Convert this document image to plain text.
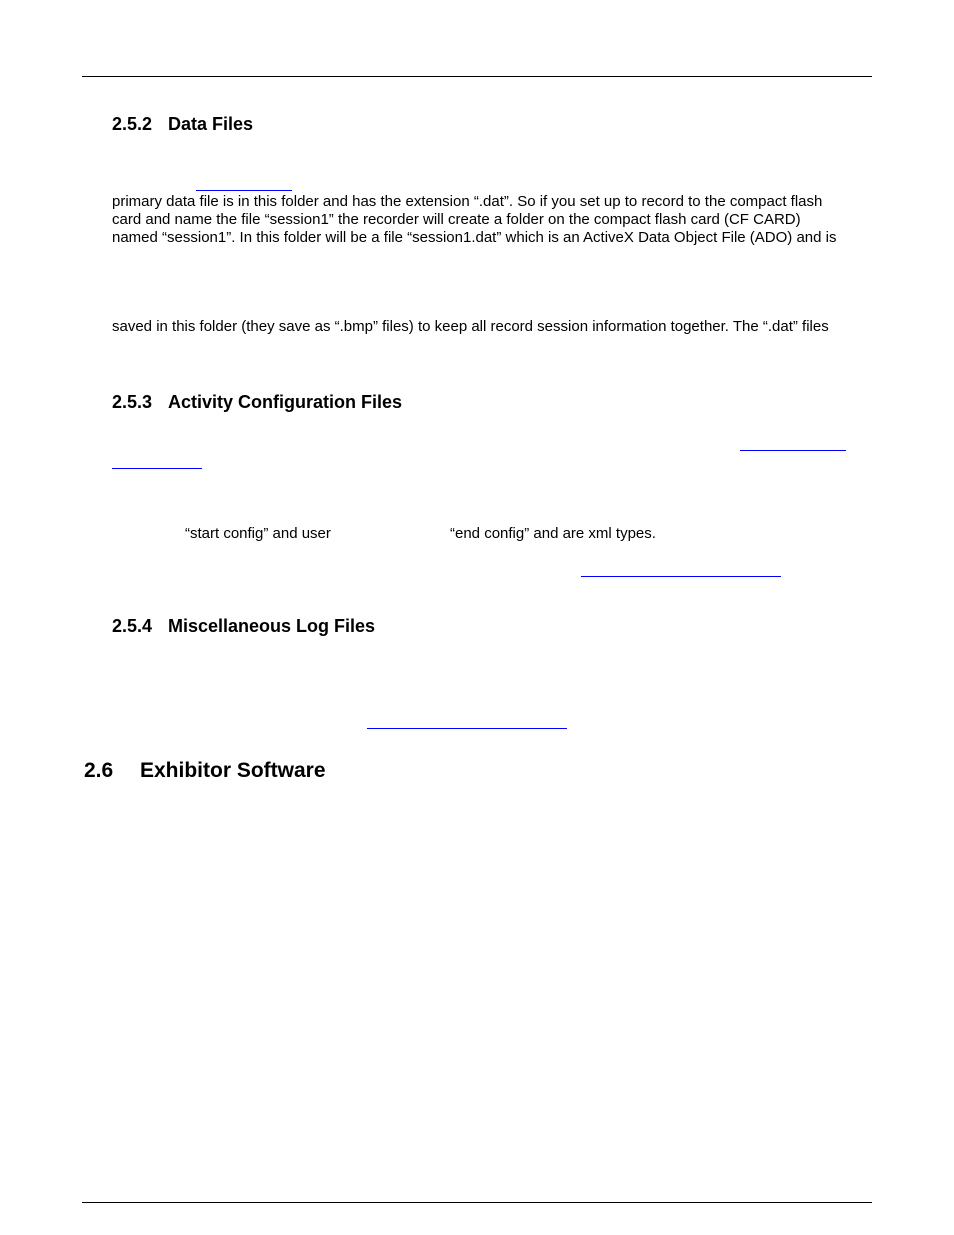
2.5.2 Data Files
primary data file is in this folder and has the extension “.dat”. So if you set up to record to the compact flash
card and name the file “session1” the recorder will create a folder on the compact flash card (CF CARD)
named “session1”. In this folder will be a file “session1.dat” which is an ActiveX Data Object File (ADO) and is
saved in this folder (they save as “.bmp” files) to keep all record session information together. The “.dat” files
2.5.3 Activity Configuration Files
“start config” and user	“end config” and are xml types.
2.5.4 Miscellaneous Log Files
2.6 Exhibitor Software
